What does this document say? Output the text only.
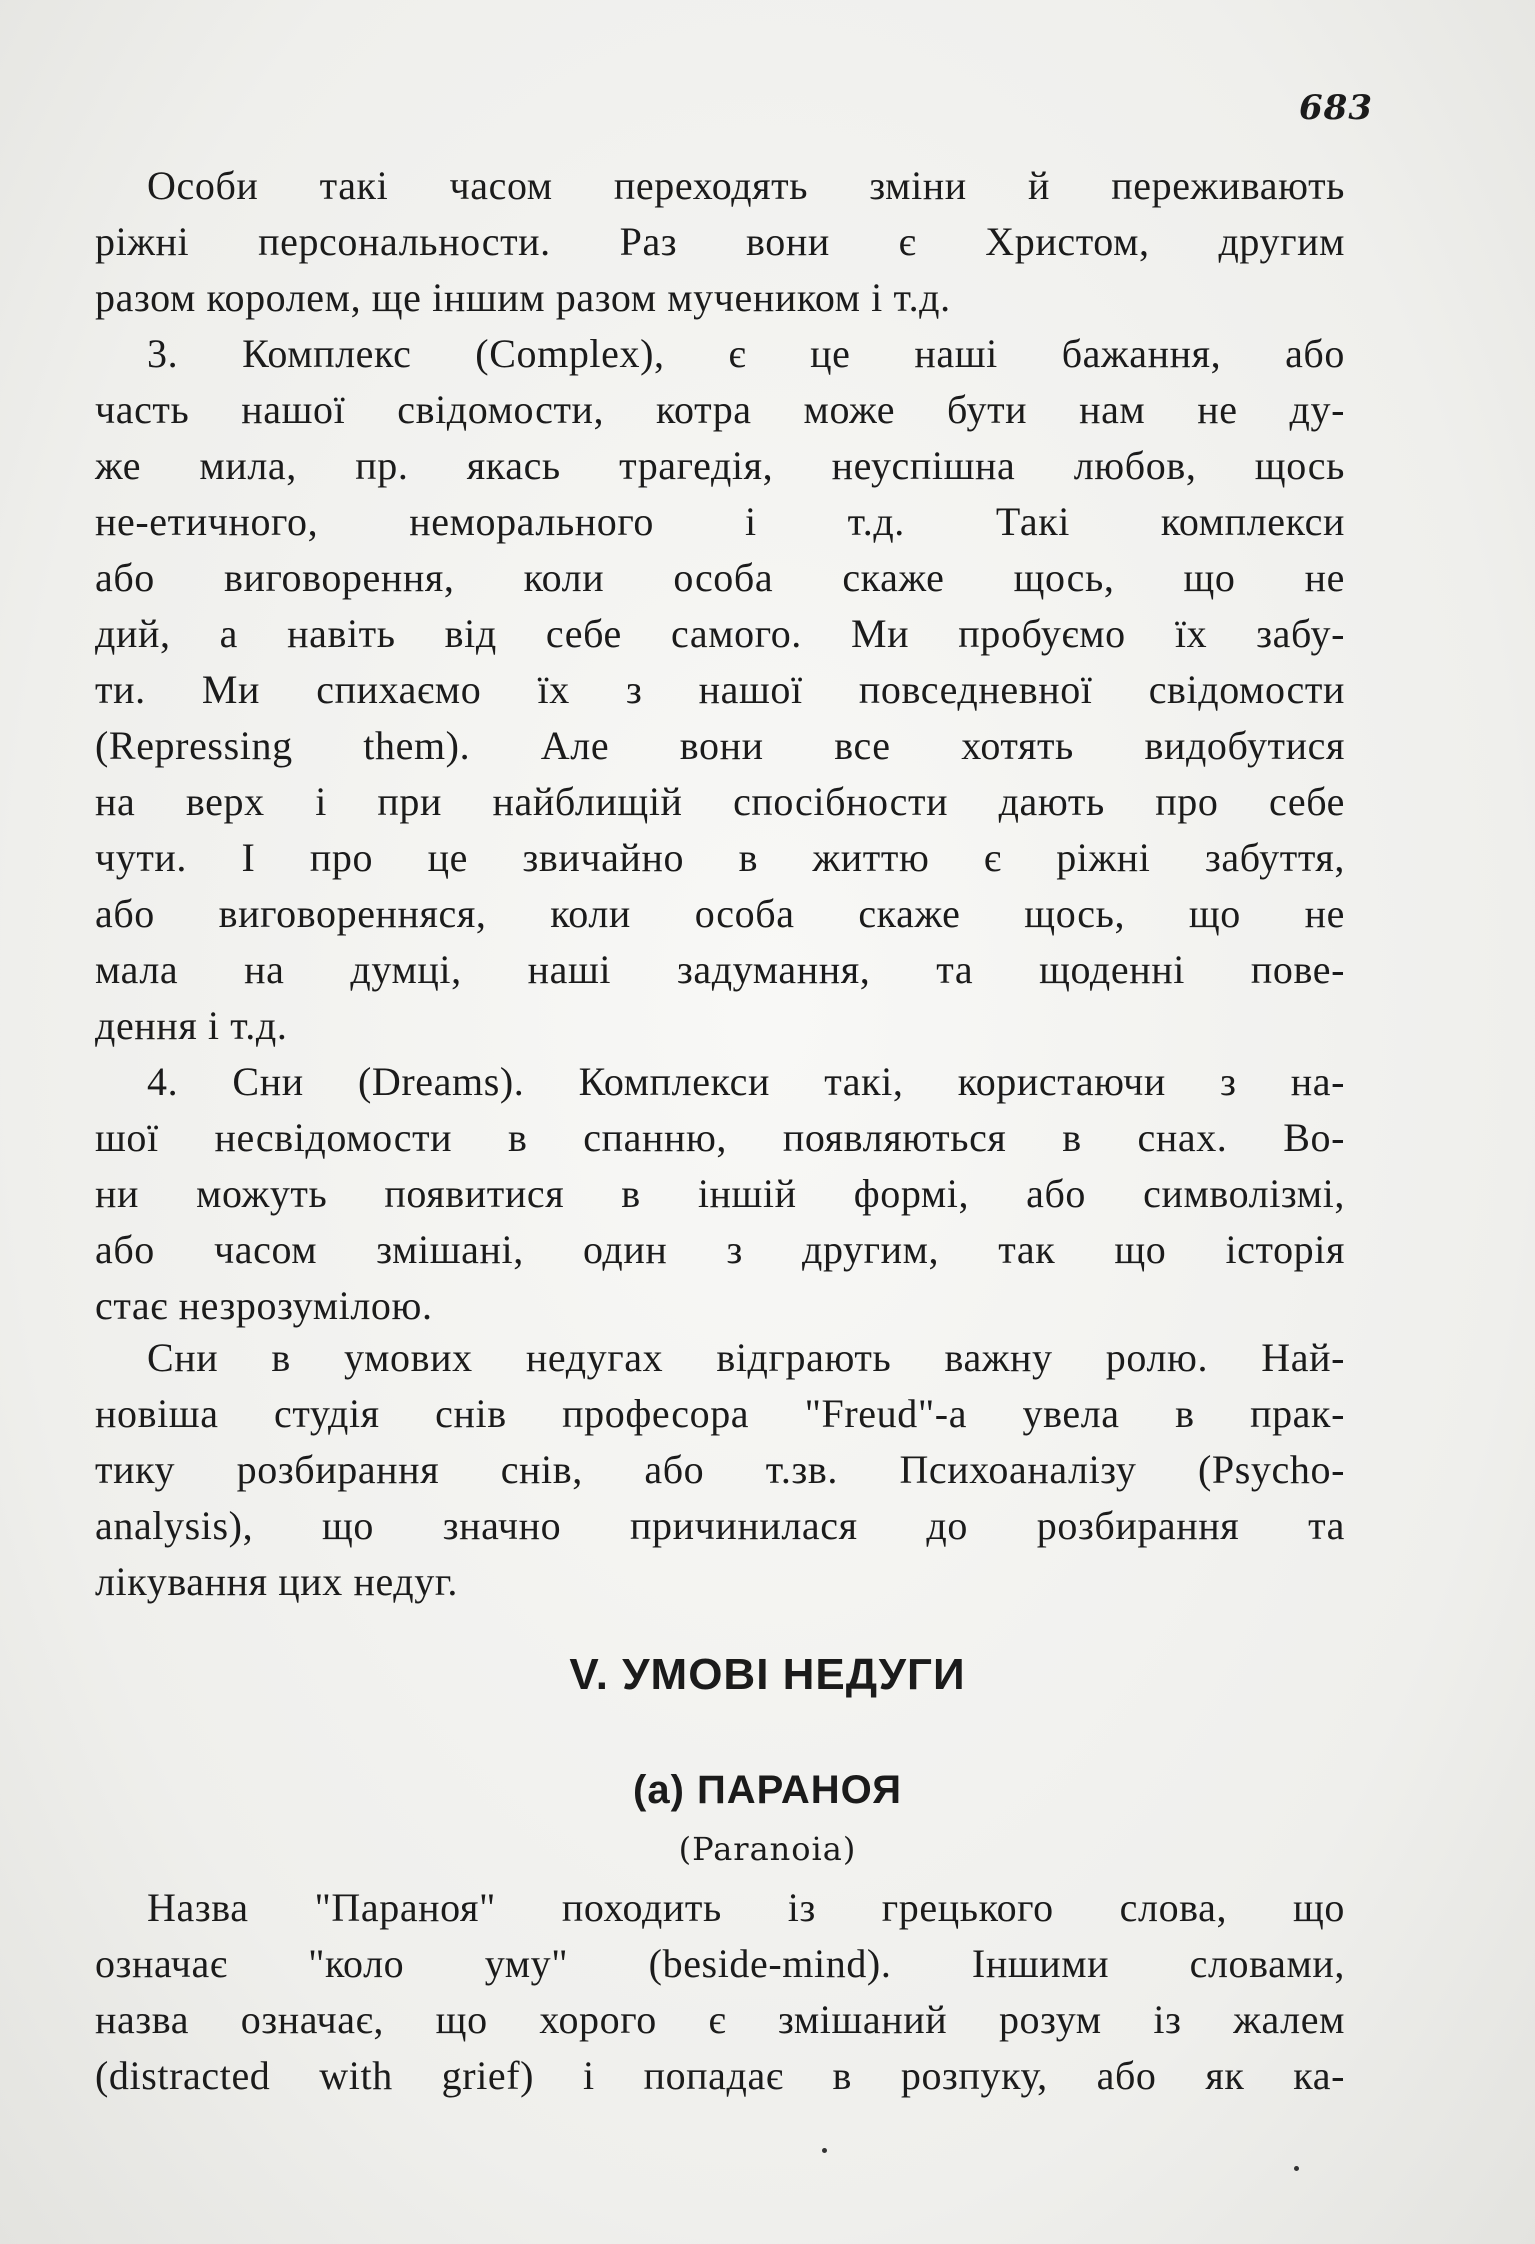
683
Особи такі часом переходять зміни й переживають
ріжні персональности. Раз вони є Христом, другим
разом королем, ще іншим разом мучеником і т.д.
3. Комплекс (Complex), є це наші бажання, або
часть нашої свідомости, котра може бути нам не ду-
же мила, пр. якась трагедія, неуспішна любов, щось
не-етичного, неморального і т.д. Такі комплекси
або виговорення, коли особа скаже щось, що не
дий, а навіть від себе самого. Ми пробуємо їх забу-
ти. Ми спихаємо їх з нашої повседневної свідомости
(Repressing them). Але вони все хотять видобутися
на верх і при найблищій спосібности дають про себе
чути. І про це звичайно в життю є ріжні забуття,
або виговоренняся, коли особа скаже щось, що не
мала на думці, наші задумання, та щоденні пове-
дення і т.д.
4. Сни (Dreams). Комплекси такі, користаючи з на-
шої несвідомости в спанню, появляються в снах. Во-
ни можуть появитися в іншій формі, або символізмі,
або часом змішані, один з другим, так що історія
стає незрозумілою.
Сни в умових недугах відграють важну ролю. Най-
новіша студія снів професора "Freud"-а увела в прак-
тику розбирання снів, або т.зв. Психоаналізу (Psycho-
analysis), що значно причинилася до розбирання та
лікування цих недуг.
V. УМОВІ НЕДУГИ
(а) ПАРАНОЯ
(Paranoia)
Назва "Параноя" походить із грецького слова, що
означає "коло уму" (beside-mind). Іншими словами,
назва означає, що хорого є змішаний розум із жалем
(distracted with grief) і попадає в розпуку, або як ка-
